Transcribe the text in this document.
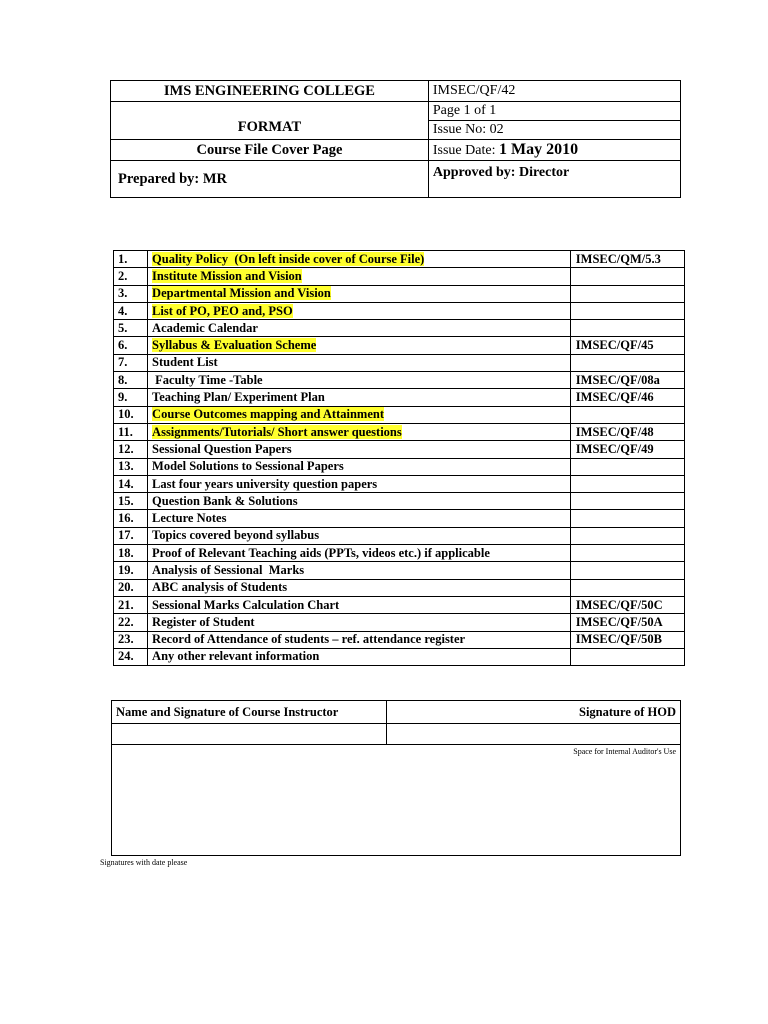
IMS ENGINEERING COLLEGE	IMSEC/QF/42
FORMAT	Page 1 of 1
	Issue No: 02
Course File Cover Page	Issue Date: 1 May 2010
Prepared by: MR	Approved by: Director
1.	Quality Policy  (On left inside cover of Course File)	IMSEC/QM/5.3
2.	Institute Mission and Vision	
3.	Departmental Mission and Vision	
4.	List of PO, PEO and, PSO	
5.	Academic Calendar	
6.	Syllabus & Evaluation Scheme	IMSEC/QF/45
7.	Student List	
8.	Faculty Time -Table	IMSEC/QF/08a
9.	Teaching Plan/ Experiment Plan	IMSEC/QF/46
10.	Course Outcomes mapping and Attainment	
11.	Assignments/Tutorials/ Short answer questions	IMSEC/QF/48
12.	Sessional Question Papers	IMSEC/QF/49
13.	Model Solutions to Sessional Papers	
14.	Last four years university question papers	
15.	Question Bank & Solutions	
16.	Lecture Notes	
17.	Topics covered beyond syllabus	
18.	Proof of Relevant Teaching aids (PPTs, videos etc.) if applicable	
19.	Analysis of Sessional  Marks	
20.	ABC analysis of Students	
21.	Sessional Marks Calculation Chart	IMSEC/QF/50C
22.	Register of Student	IMSEC/QF/50A
23.	Record of Attendance of students – ref. attendance register	IMSEC/QF/50B
24.	Any other relevant information	
Name and Signature of Course Instructor	Signature of HOD

Space for Internal Auditor's Use	
Signatures with date please
